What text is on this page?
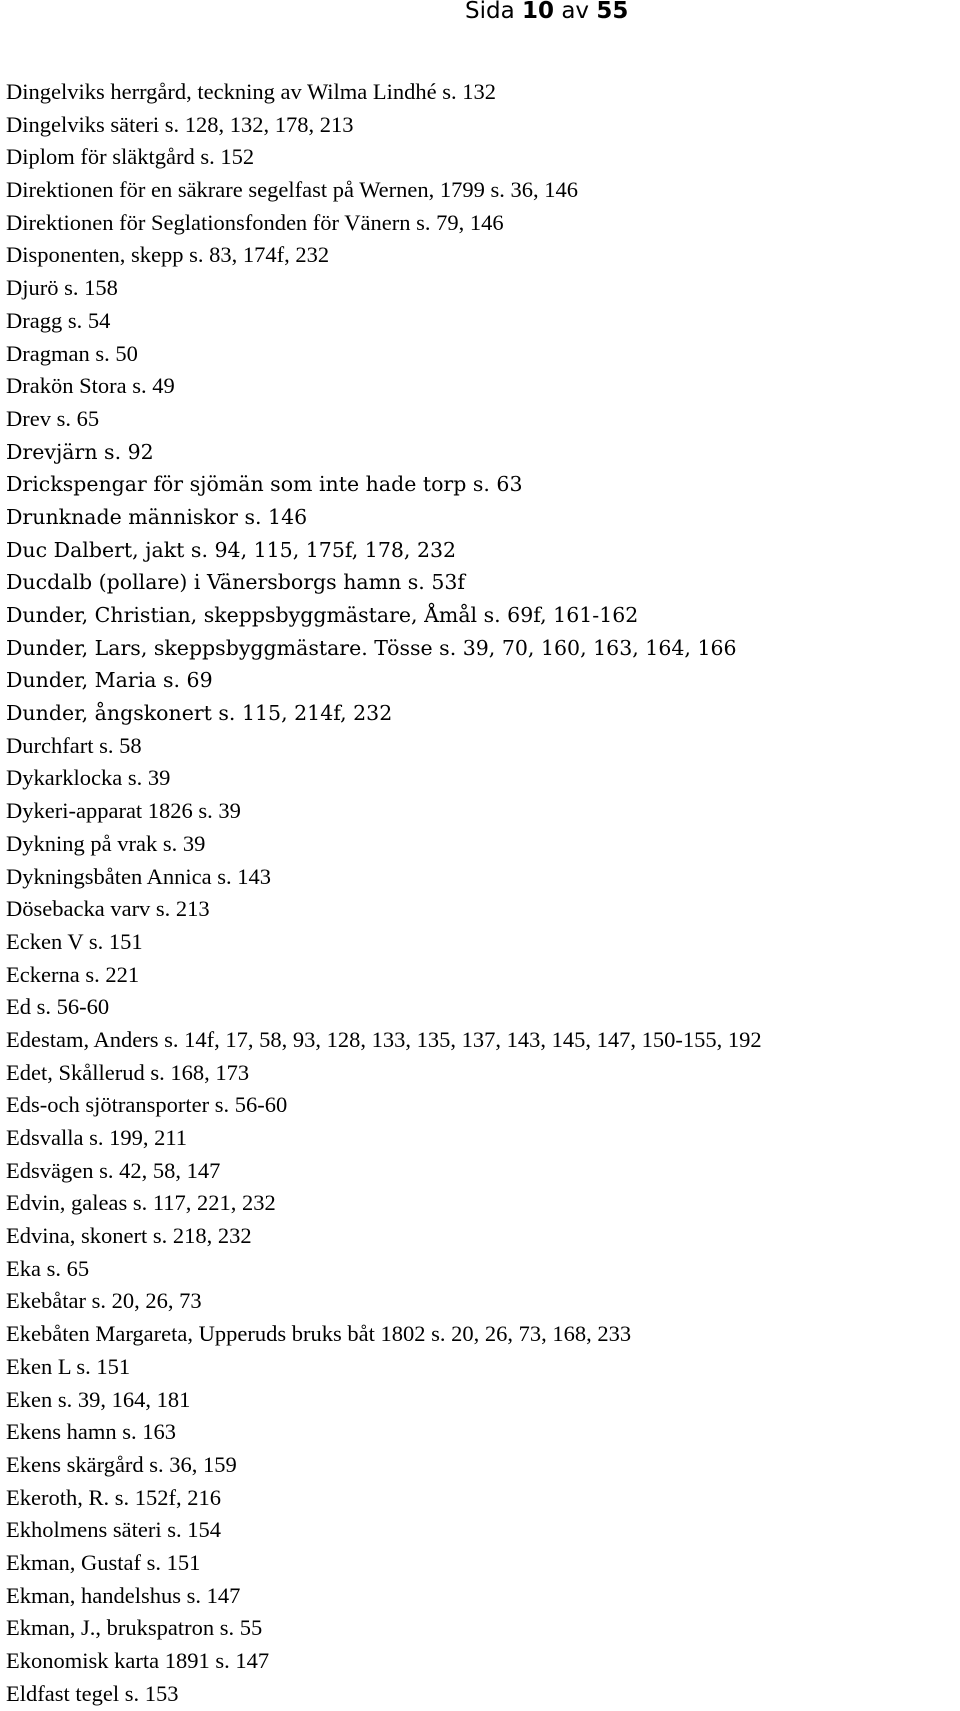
Sida 10 av 55
Dingelviks herrgård, teckning av Wilma Lindhé s. 132
Dingelviks säteri s. 128, 132, 178, 213
Diplom för släktgård s. 152
Direktionen för en säkrare segelfast på Wernen, 1799 s. 36, 146
Direktionen för Seglationsfonden för Vänern s. 79, 146
Disponenten, skepp s. 83, 174f, 232
Djurö s. 158
Dragg s. 54
Dragman s. 50
Drakön Stora s. 49
Drev s. 65
Drevjärn s. 92
Drickspengar för sjömän som inte hade torp s. 63
Drunknade människor s. 146
Duc Dalbert, jakt s. 94, 115, 175f, 178, 232
Ducdalb (pollare) i Vänersborgs hamn s. 53f
Dunder, Christian, skeppsbyggmästare, Åmål s. 69f, 161-162
Dunder, Lars, skeppsbyggmästare. Tösse s. 39, 70, 160, 163, 164, 166
Dunder, Maria s. 69
Dunder, ångskonert s. 115, 214f, 232
Durchfart s. 58
Dykarklocka s. 39
Dykeri-apparat 1826 s. 39
Dykning på vrak s. 39
Dykningsbåten Annica s. 143
Dösebacka varv s. 213
Ecken V s. 151
Eckerna s. 221
Ed s. 56-60
Edestam, Anders s. 14f, 17, 58, 93, 128, 133, 135, 137, 143, 145, 147, 150-155, 192
Edet, Skållerud s. 168, 173
Eds-och sjötransporter s. 56-60
Edsvalla s. 199, 211
Edsvägen s. 42, 58, 147
Edvin, galeas s. 117, 221, 232
Edvina, skonert s. 218, 232
Eka s. 65
Ekebåtar s. 20, 26, 73
Ekebåten Margareta, Upperuds bruks båt 1802 s. 20, 26, 73, 168, 233
Eken L s. 151
Eken s. 39, 164, 181
Ekens hamn s. 163
Ekens skärgård s. 36, 159
Ekeroth, R. s. 152f, 216
Ekholmens säteri s. 154
Ekman, Gustaf s. 151
Ekman, handelshus s. 147
Ekman, J., brukspatron s. 55
Ekonomisk karta 1891 s. 147
Eldfast tegel s. 153
